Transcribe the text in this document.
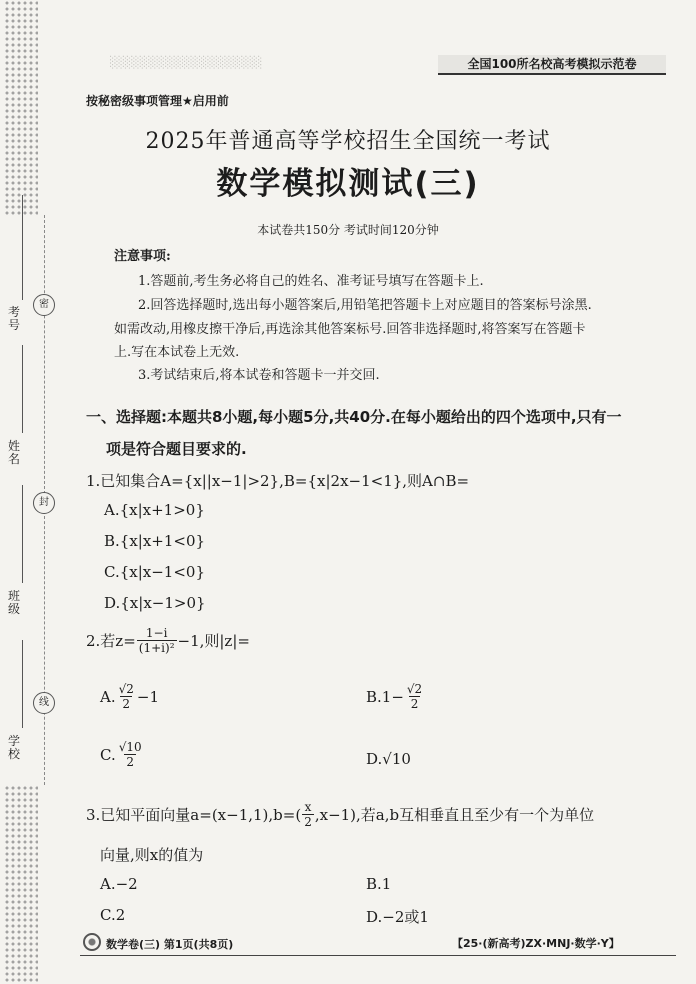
密
封
线
考号
姓名
班级
学校
░░░░░░░░░░░░░░░░░░	全国100所名校高考模拟示范卷
按秘密级事项管理★启用前
2025年普通高等学校招生全国统一考试
数学模拟测试(三)
本试卷共150分 考试时间120分钟
注意事项:
1.答题前,考生务必将自己的姓名、准考证号填写在答题卡上.
2.回答选择题时,选出每小题答案后,用铅笔把答题卡上对应题目的答案标号涂黑.
如需改动,用橡皮擦干净后,再选涂其他答案标号.回答非选择题时,将答案写在答题卡
上.写在本试卷上无效.
3.考试结束后,将本试卷和答题卡一并交回.
一、选择题:本题共8小题,每小题5分,共40分.在每小题给出的四个选项中,只有一
项是符合题目要求的.
1.已知集合A={x||x−1|>2},B={x|2x−1<1},则A∩B=
A.{x|x+1>0}
B.{x|x+1<0}
C.{x|x−1<0}
D.{x|x−1>0}
2.若$z= \frac{1-i}{\text{(1+i)²}} -1$,则|z|=
A. $\frac{√2}{2} -1$	$B.1- \frac{√2}{2}$
C. $\frac{√10}{2}$	D.√10
3.已知平面向量$a=(x-1,1),b=( \frac{x}{2} ,x-1)$,若a,b互相垂直且至少有一个为单位
向量,则x的值为
A.−2	B.1
C.2	D.−2或1
数学卷(三) 第1页(共8页)	【25·(新高考)ZX·MNJ·数学·Y】
